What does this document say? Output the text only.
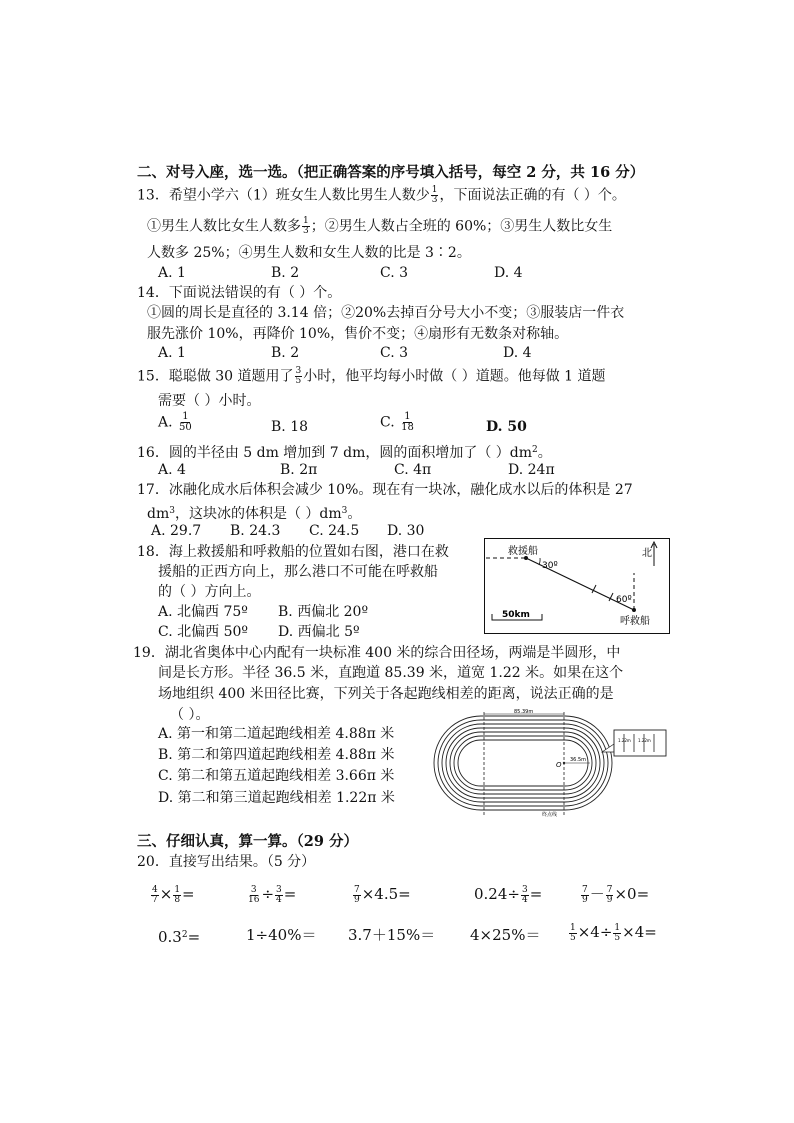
二、对号入座，选一选。（把正确答案的序号填入括号，每空 2 分，共 16 分）
13．希望小学六（1）班女生人数比男生人数少 $\frac{1}{3}$ ，下面说法正确的有（ ）个。
①男生人数比女生人数多 $\frac{1}{3}$ ；②男生人数占全班的 60%；③男生人数比女生
人数多 25%；④男生人数和女生人数的比是 3∶2。
A. 1	B. 2	C. 3	D. 4
14．下面说法错误的有（ ）个。
①圆的周长是直径的 3.14 倍；②20%去掉百分号大小不变；③服装店一件衣
服先涨价 10%，再降价 10%，售价不变；④扇形有无数条对称轴。
A. 1	B. 2	C. 3	D. 4
15．聪聪做 30 道题用了 $\frac{3}{5}$ 小时，他平均每小时做（ ）道题。他每做 1 道题
需要（ ）小时。
A. $\frac{1}{50}$	B. 18	C. $\frac{1}{18}$	D. 50
16．圆的半径由 5 dm 增加到 7 dm，圆的面积增加了（ ）$dm^2$。
A. 4	B. 2π	C. 4π	D. 24π
17．冰融化成水后体积会减少 10%。现在有一块冰，融化成水以后的体积是 27
$dm^3$，这块冰的体积是（ ）$dm^3$。
A. 29.7 B. 24.3 C. 24.5 D. 30
18．海上救援船和呼救船的位置如右图，港口在救
援船的正西方向上，那么港口不可能在呼救船
的（ ）方向上。
A. 北偏西 75º B. 西偏北 20º
C. 北偏西 50º D. 西偏北 5º
救援船
30º
60º
呼救船
北
50km
19．湖北省奥体中心内配有一块标准 400 米的综合田径场，两端是半圆形，中
间是长方形。半径 36.5 米，直跑道 85.39 米，道宽 1.22 米。如果在这个
场地组织 400 米田径比赛，下列关于各起跑线相差的距离，说法正确的是
（ ）。
A. 第一和第二道起跑线相差 4.88π 米
B. 第二和第四道起跑线相差 4.88π 米
C. 第二和第五道起跑线相差 3.66π 米
D. 第二和第三道起跑线相差 1.22π 米
85.39m
O
36.5m
终点线
1.22m 1.22m
三、仔细认真，算一算。（29 分）
20．直接写出结果。（5 分）
$\frac{4}{7} \times \frac{1}{8}$ =	$\frac{3}{16} \div \frac{3}{4}$ =	$\frac{7}{9} \times 4.5=$	$0.24\div \frac{3}{4}$ =	$\frac{7}{9} - \frac{7}{9} \times 0=$
$0.3^2=$	1÷40%＝ 3.7＋15%＝ 4×25%＝	$\frac{1}{5} \times 4\div \frac{1}{5} \times 4=$
